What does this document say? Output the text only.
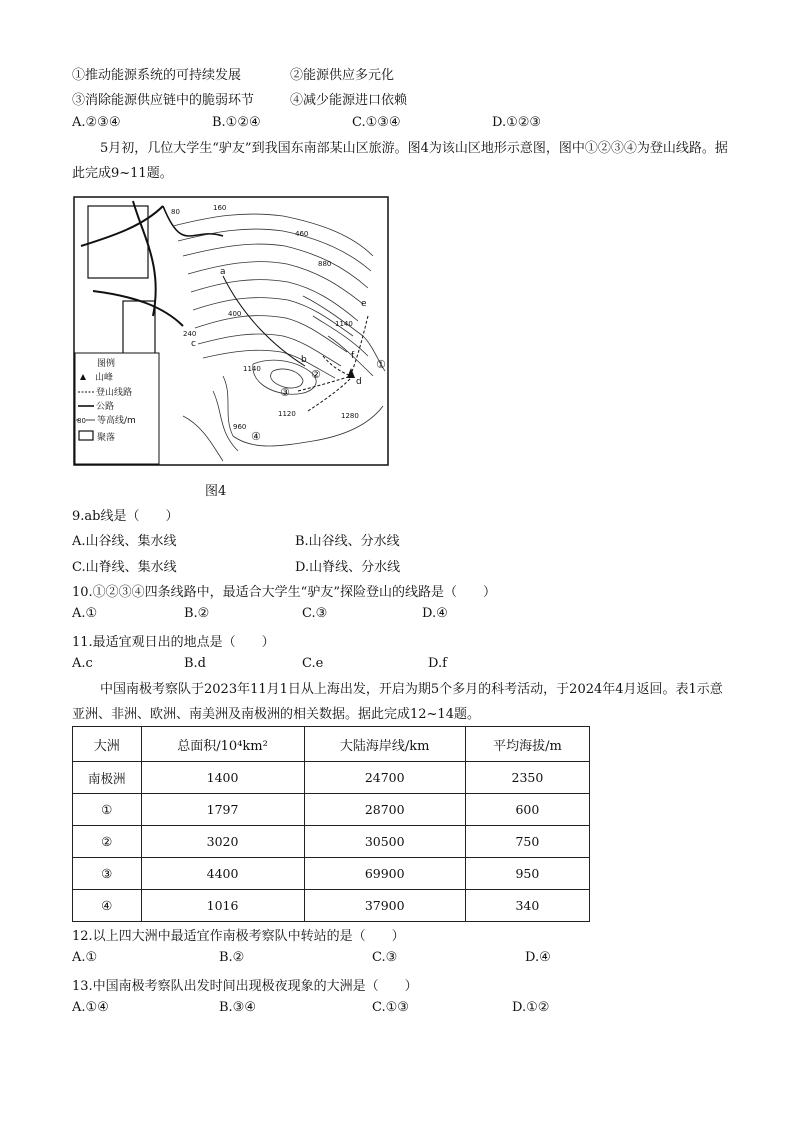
①推动能源系统的可持续发展	②能源供应多元化
③消除能源供应链中的脆弱环节	④减少能源进口依赖
A.②③④	B.①②④	C.①③④	D.①②③
5月初，几位大学生“驴友”到我国东南部某山区旅游。图4为该山区地形示意图，图中①②③④为登山线路。据此完成9~11题。
80	160
240
400
460
880
1140
1120	1280
960
1140
a
b
c
d
e
f
①
②
③
④
图例
山峰
登山线路
公路
80 等高线/m
聚落
图4
9.ab线是（　　）
A.山谷线、集水线	B.山谷线、分水线
C.山脊线、集水线	D.山脊线、分水线
10.①②③④四条线路中，最适合大学生“驴友”探险登山的线路是（　　）
A.①	B.②	C.③	D.④
11.最适宜观日出的地点是（　　）
A.c	B.d	C.e	D.f
中国南极考察队于2023年11月1日从上海出发，开启为期5个多月的科考活动，于2024年4月返回。表1示意亚洲、非洲、欧洲、南美洲及南极洲的相关数据。据此完成12~14题。
大洲	总面积/10⁴km²	大陆海岸线/km	平均海拔/m
南极洲	1400	24700	2350
①	1797	28700	600
②	3020	30500	750
③	4400	69900	950
④	1016	37900	340
12.以上四大洲中最适宜作南极考察队中转站的是（　　）
A.①	B.②	C.③	D.④
13.中国南极考察队出发时间出现极夜现象的大洲是（　　）
A.①④	B.③④	C.①③	D.①②
